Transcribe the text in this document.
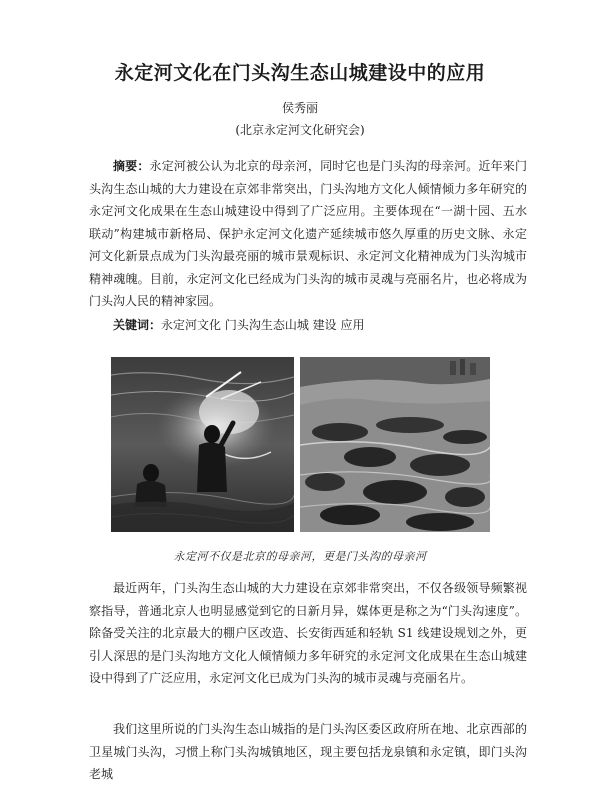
永定河文化在门头沟生态山城建设中的应用
侯秀丽
(北京永定河文化研究会)

摘要：永定河被公认为北京的母亲河，同时它也是门头沟的母亲河。近年来门头沟生态山城的大力建设在京郊非常突出，门头沟地方文化人倾情倾力多年研究的永定河文化成果在生态山城建设中得到了广泛应用。主要体现在“一湖十园、五水联动”构建城市新格局、保护永定河文化遗产延续城市悠久厚重的历史文脉、永定河文化新景点成为门头沟最亮丽的城市景观标识、永定河文化精神成为门头沟城市精神魂魄。目前，永定河文化已经成为门头沟的城市灵魂与亮丽名片，也必将成为门头沟人民的精神家园。

关键词：永定河文化 门头沟生态山城 建设 应用

永定河不仅是北京的母亲河，更是门头沟的母亲河

最近两年，门头沟生态山城的大力建设在京郊非常突出，不仅各级领导频繁视察指导，普通北京人也明显感觉到它的日新月异，媒体更是称之为“门头沟速度”。除备受关注的北京最大的棚户区改造、长安街西延和轻轨 S1 线建设规划之外，更引人深思的是门头沟地方文化人倾情倾力多年研究的永定河文化成果在生态山城建设中得到了广泛应用，永定河文化已成为门头沟的城市灵魂与亮丽名片。

我们这里所说的门头沟生态山城指的是门头沟区委区政府所在地、北京西部的卫星城门头沟，习惯上称门头沟城镇地区，现主要包括龙泉镇和永定镇，即门头沟老城
